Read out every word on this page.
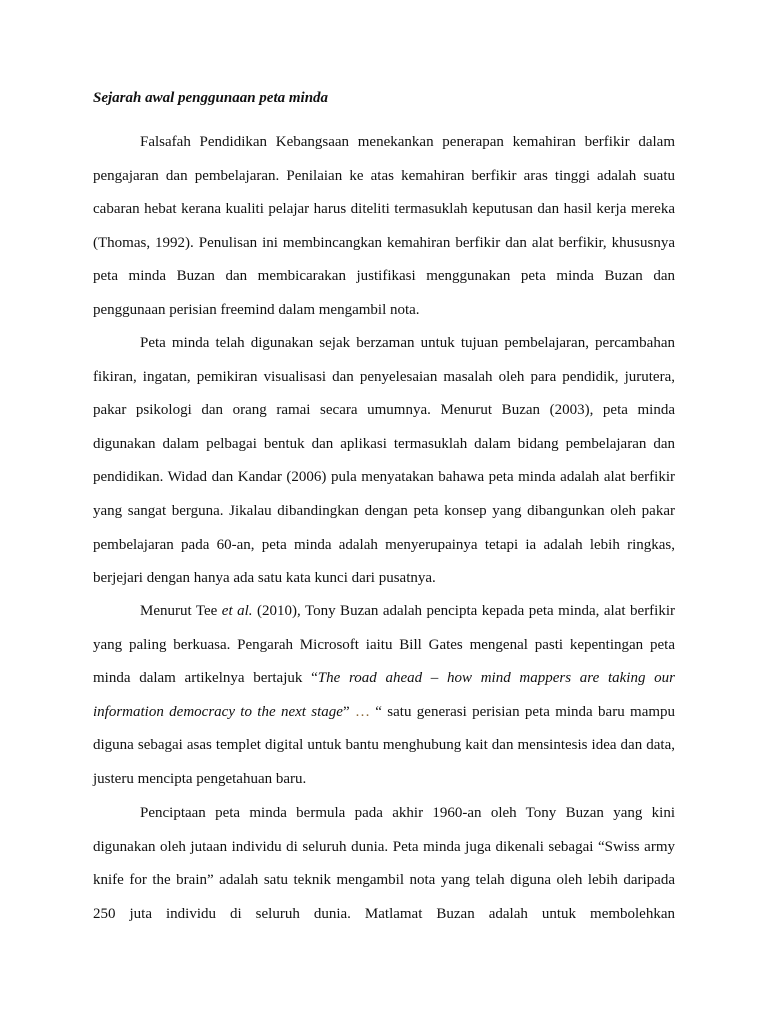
Sejarah awal penggunaan peta minda

Falsafah Pendidikan Kebangsaan menekankan penerapan kemahiran berfikir dalam pengajaran dan pembelajaran. Penilaian ke atas kemahiran berfikir aras tinggi adalah suatu cabaran hebat kerana kualiti pelajar harus diteliti termasuklah keputusan dan hasil kerja mereka (Thomas, 1992). Penulisan ini membincangkan kemahiran berfikir dan alat berfikir, khususnya peta minda Buzan dan membicarakan justifikasi menggunakan peta minda Buzan dan penggunaan perisian freemind dalam mengambil nota.

Peta minda telah digunakan sejak berzaman untuk tujuan pembelajaran, percambahan fikiran, ingatan, pemikiran visualisasi dan penyelesaian masalah oleh para pendidik, jurutera, pakar psikologi dan orang ramai secara umumnya. Menurut Buzan (2003), peta minda digunakan dalam pelbagai bentuk dan aplikasi termasuklah dalam bidang pembelajaran dan pendidikan. Widad dan Kandar (2006) pula menyatakan bahawa peta minda adalah alat berfikir yang sangat berguna. Jikalau dibandingkan dengan peta konsep yang dibangunkan oleh pakar pembelajaran pada 60-an, peta minda adalah menyerupainya tetapi ia adalah lebih ringkas, berjejari dengan hanya ada satu kata kunci dari pusatnya.

Menurut Tee et al. (2010), Tony Buzan adalah pencipta kepada peta minda, alat berfikir yang paling berkuasa. Pengarah Microsoft iaitu Bill Gates mengenal pasti kepentingan peta minda dalam artikelnya bertajuk “The road ahead – how mind mappers are taking our information democracy to the next stage” … “ satu generasi perisian peta minda baru mampu diguna sebagai asas templet digital untuk bantu menghubung kait dan mensintesis idea dan data, justeru mencipta pengetahuan baru.

Penciptaan peta minda bermula pada akhir 1960-an oleh Tony Buzan yang kini digunakan oleh jutaan individu di seluruh dunia. Peta minda juga dikenali sebagai “Swiss army knife for the brain” adalah satu teknik mengambil nota yang telah diguna oleh lebih daripada 250 juta individu di seluruh dunia. Matlamat Buzan adalah untuk membolehkan
